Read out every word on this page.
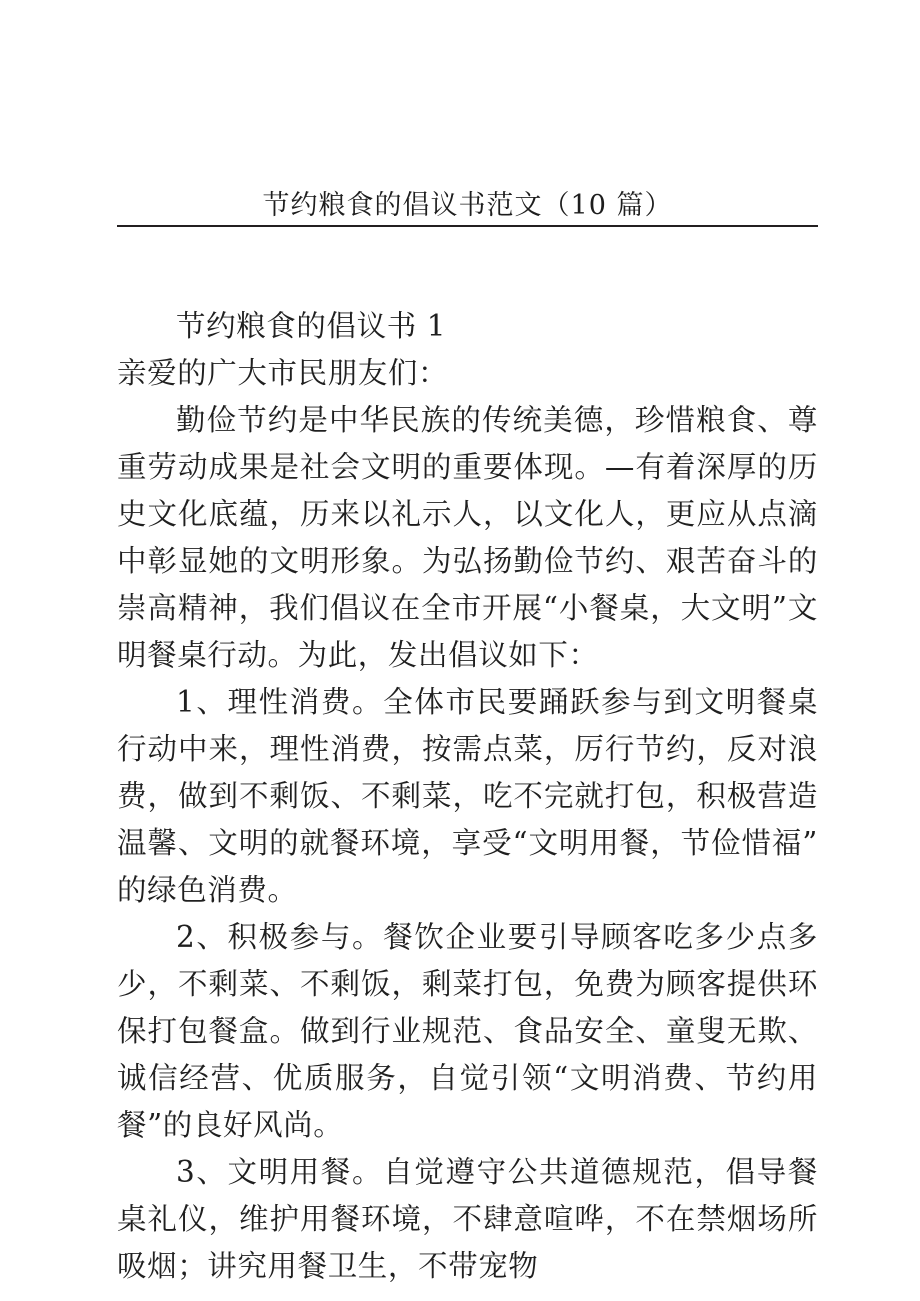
节约粮食的倡议书范文（10 篇）

节约粮食的倡议书 1

亲爱的广大市民朋友们：

勤俭节约是中华民族的传统美德，珍惜粮食、尊重劳动成果是社会文明的重要体现。—有着深厚的历史文化底蕴，历来以礼示人，以文化人，更应从点滴中彰显她的文明形象。为弘扬勤俭节约、艰苦奋斗的崇高精神，我们倡议在全市开展“小餐桌，大文明”文明餐桌行动。为此，发出倡议如下：

1、理性消费。全体市民要踊跃参与到文明餐桌行动中来，理性消费，按需点菜，厉行节约，反对浪费，做到不剩饭、不剩菜，吃不完就打包，积极营造温馨、文明的就餐环境，享受“文明用餐，节俭惜福”的绿色消费。

2、积极参与。餐饮企业要引导顾客吃多少点多少，不剩菜、不剩饭，剩菜打包，免费为顾客提供环保打包餐盒。做到行业规范、食品安全、童叟无欺、诚信经营、优质服务，自觉引领“文明消费、节约用餐”的良好风尚。

3、文明用餐。自觉遵守公共道德规范，倡导餐桌礼仪，维护用餐环境，不肆意喧哗，不在禁烟场所吸烟；讲究用餐卫生，不带宠物
